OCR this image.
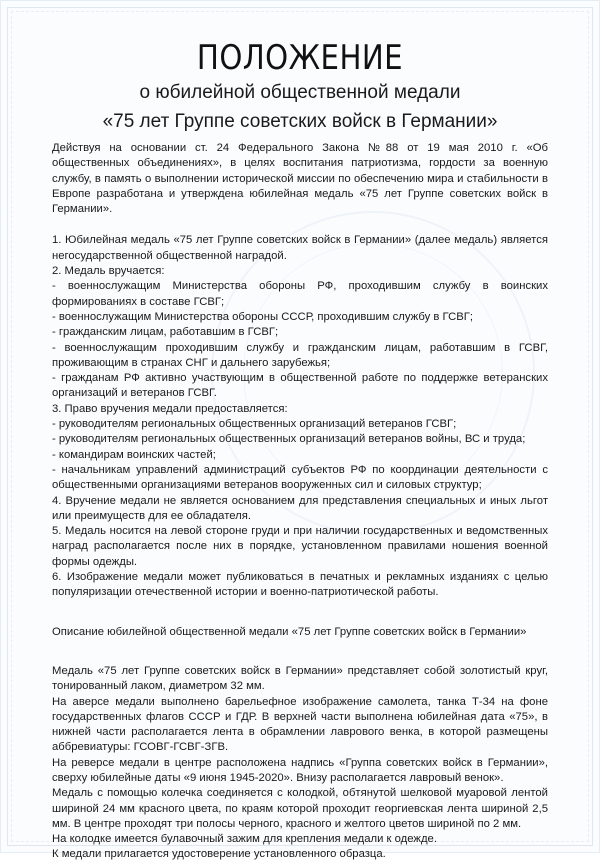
ПОЛОЖЕНИЕ
о юбилейной общественной медали
«75 лет Группе советских войск в Германии»

Действуя на основании ст. 24 Федерального Закона №88 от 19 мая 2010 г. «Об общественных объединениях», в целях воспитания патриотизма, гордости за военную службу, в память о выполнении исторической миссии по обеспечению мира и стабильности в Европе разработана и утверждена юбилейная медаль «75 лет Группе советских войск в Германии».

1. Юбилейная медаль «75 лет Группе советских войск в Германии» (далее медаль) является негосударственной общественной наградой.

2. Медаль вручается:

- военнослужащим Министерства обороны РФ, проходившим службу в воинских формированиях в составе ГСВГ;

- военнослужащим Министерства обороны СССР, проходившим службу в ГСВГ;

- гражданским лицам, работавшим в ГСВГ;

- военнослужащим проходившим службу и гражданским лицам, работавшим в ГСВГ, проживающим в странах СНГ и дальнего зарубежья;

- гражданам РФ активно участвующим в общественной работе по поддержке ветеранских организаций и ветеранов ГСВГ.

3. Право вручения медали предоставляется:

- руководителям региональных общественных организаций ветеранов ГСВГ;

- руководителям региональных общественных организаций ветеранов войны, ВС и труда;

- командирам воинских частей;

- начальникам управлений администраций субъектов РФ по координации деятельности с общественными организациями ветеранов вооруженных сил и силовых структур;

4. Вручение медали не является основанием для представления специальных и иных льгот или преимуществ для ее обладателя.

5. Медаль носится на левой стороне груди и при наличии государственных и ведомственных наград располагается после них в порядке, установленном правилами ношения военной формы одежды.

6. Изображение медали может публиковаться в печатных и рекламных изданиях с целью популяризации отечественной истории и военно-патриотической работы.

Описание юбилейной общественной медали «75 лет Группе советских войск в Германии»

Медаль «75 лет Группе советских войск в Германии» представляет собой золотистый круг, тонированный лаком, диаметром 32 мм.

На аверсе медали выполнено барельефное изображение самолета, танка Т-34 на фоне государственных флагов СССР и ГДР. В верхней части выполнена юбилейная дата «75», в нижней части располагается лента в обрамлении лаврового венка, в которой размещены аббревиатуры: ГСОВГ-ГСВГ-ЗГВ.

На реверсе медали в центре расположена надпись «Группа советских войск в Германии», сверху юбилейные даты «9 июня 1945-2020». Внизу располагается лавровый венок».

Медаль с помощью колечка соединяется с колодкой, обтянутой шелковой муаровой лентой шириной 24 мм красного цвета, по краям которой проходит георгиевская лента шириной 2,5 мм. В центре проходят три полосы черного, красного и желтого цветов шириной по 2 мм.

На колодке имеется булавочный зажим для крепления медали к одежде.

К медали прилагается удостоверение установленного образца.
